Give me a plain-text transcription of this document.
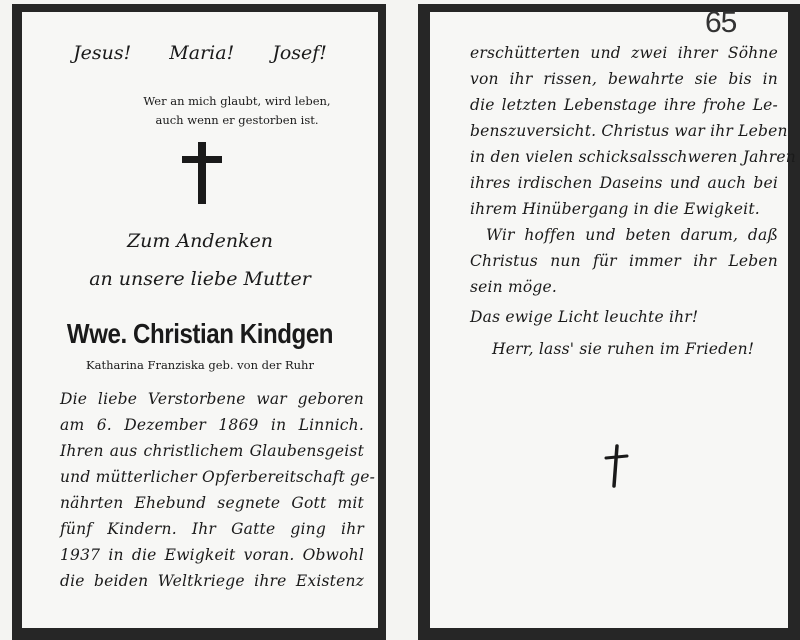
Jesus! Maria! Josef!
Wer an mich glaubt, wird leben,
auch wenn er gestorben ist.
Zum Andenken
an unsere liebe Mutter
Wwe. Christian Kindgen
Katharina Franziska geb. von der Ruhr
Die liebe Verstorbene war geboren
am 6. Dezember 1869 in Linnich.
Ihren aus christlichem Glaubensgeist
und mütterlicher Opferbereitschaft ge-
nährten Ehebund segnete Gott mit
fünf Kindern. Ihr Gatte ging ihr
1937 in die Ewigkeit voran. Obwohl
die beiden Weltkriege ihre Existenz
65
erschütterten und zwei ihrer Söhne
von ihr rissen, bewahrte sie bis in
die letzten Lebenstage ihre frohe Le-
benszuversicht. Christus war ihr Leben
in den vielen schicksalsschweren Jahren
ihres irdischen Daseins und auch bei
ihrem Hinübergang in die Ewigkeit.
Wir hoffen und beten darum, daß
Christus nun für immer ihr Leben
sein möge.
Das ewige Licht leuchte ihr!
Herr, lass' sie ruhen im Frieden!
